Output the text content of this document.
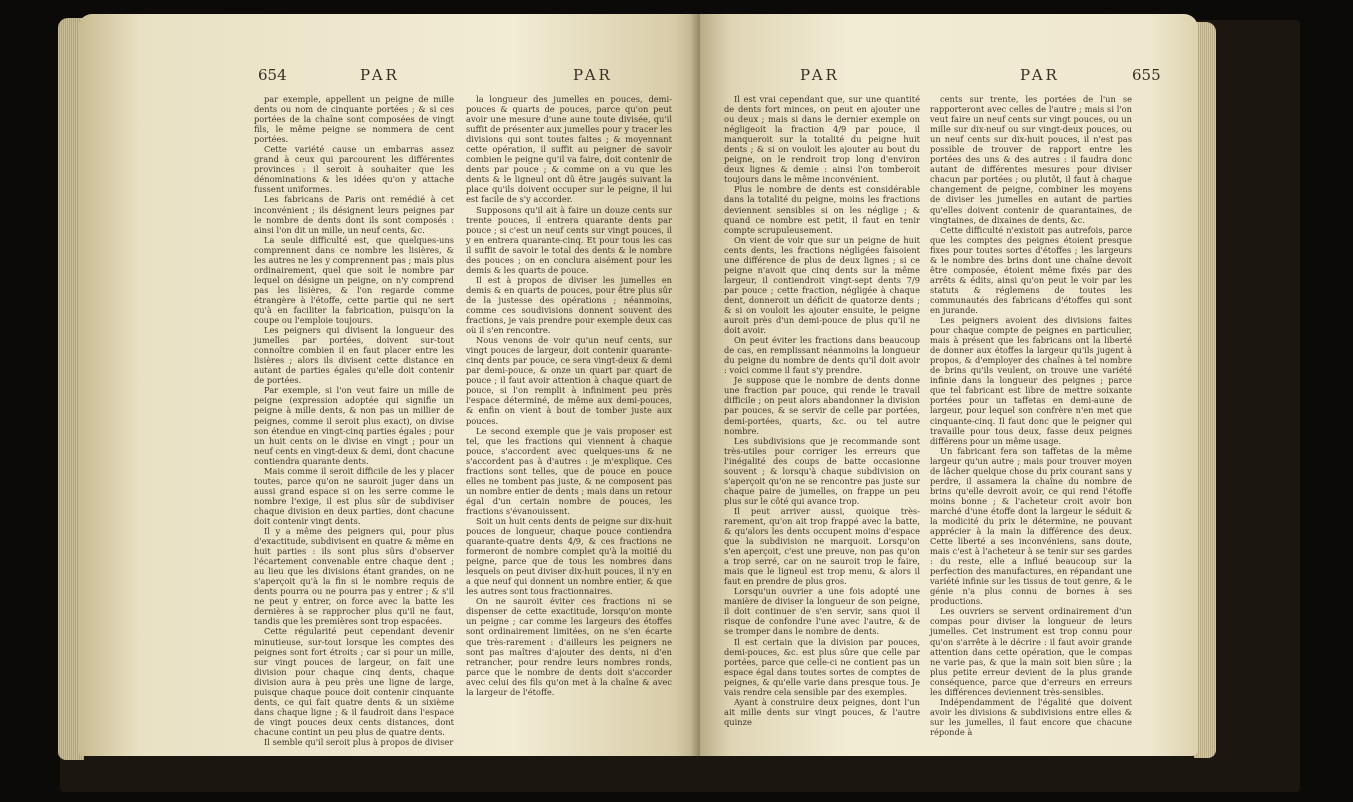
654	PAR	PAR

par exemple, appellent un peigne de mille dents ou nom de cinquante portées ; & si ces portées de la chaîne sont composées de vingt fils, le même peigne se nommera de cent portées.

Cette variété cause un embarras assez grand à ceux qui parcourent les différentes provinces : il seroit à souhaiter que les dénominations & les idées qu'on y attache fussent uniformes.

Les fabricans de Paris ont remédié à cet inconvénient ; ils désignent leurs peignes par le nombre de dents dont ils sont composés : ainsi l'on dit un mille, un neuf cents, &c.

La seule difficulté est, que quelques-uns comprennent dans ce nombre les lisières, & les autres ne les y comprennent pas ; mais plus ordinairement, quel que soit le nombre par lequel on désigne un peigne, on n'y comprend pas les lisières, & l'on regarde comme étrangère à l'étoffe, cette partie qui ne sert qu'à en faciliter la fabrication, puisqu'on la coupe ou l'emploie toujours.

Les peigners qui divisent la longueur des jumelles par portées, doivent sur-tout connoître combien il en faut placer entre les lisières ; alors ils divisent cette distance en autant de parties égales qu'elle doit contenir de portées.

Par exemple, si l'on veut faire un mille de peigne (expression adoptée qui signifie un peigne à mille dents, & non pas un millier de peignes, comme il seroit plus exact), on divise son étendue en vingt-cinq parties égales ; pour un huit cents on le divise en vingt ; pour un neuf cents en vingt-deux & demi, dont chacune contiendra quarante dents.

Mais comme il seroit difficile de les y placer toutes, parce qu'on ne sauroit juger dans un aussi grand espace si on les serre comme le nombre l'exige, il est plus sûr de subdiviser chaque division en deux parties, dont chacune doit contenir vingt dents.

Il y a même des peigners qui, pour plus d'exactitude, subdivisent en quatre & même en huit parties : ils sont plus sûrs d'observer l'écartement convenable entre chaque dent ; au lieu que les divisions étant grandes, on ne s'aperçoit qu'à la fin si le nombre requis de dents pourra ou ne pourra pas y entrer ; & s'il ne peut y entrer, on force avec la batte les dernières à se rapprocher plus qu'il ne faut, tandis que les premières sont trop espacées.

Cette régularité peut cependant devenir minutieuse, sur-tout lorsque les comptes des peignes sont fort étroits ; car si pour un mille, sur vingt pouces de largeur, on fait une division pour chaque cinq dents, chaque division aura à peu près une ligne de large, puisque chaque pouce doit contenir cinquante dents, ce qui fait quatre dents & un sixième dans chaque ligne ; & il faudroit dans l'espace de vingt pouces deux cents distances, dont chacune contint un peu plus de quatre dents.

Il semble qu'il seroit plus à propos de diviser

la longueur des jumelles en pouces, demi-pouces & quarts de pouces, parce qu'on peut avoir une mesure d'une aune toute divisée, qu'il suffit de présenter aux jumelles pour y tracer les divisions qui sont toutes faites ; & moyennant cette opération, il suffit au peigner de savoir combien le peigne qu'il va faire, doit contenir de dents par pouce ; & comme on a vu que les dents & le ligneul ont dû être jaugés suivant la place qu'ils doivent occuper sur le peigne, il lui est facile de s'y accorder.

Supposons qu'il ait à faire un douze cents sur trente pouces, il entrera quarante dents par pouce ; si c'est un neuf cents sur vingt pouces, il y en entrera quarante-cinq. Et pour tous les cas il suffit de savoir le total des dents & le nombre des pouces ; on en conclura aisément pour les demis & les quarts de pouce.

Il est à propos de diviser les jumelles en demis & en quarts de pouces, pour être plus sûr de la justesse des opérations ; néanmoins, comme ces soudivisions donnent souvent des fractions, je vais prendre pour exemple deux cas où il s'en rencontre.

Nous venons de voir qu'un neuf cents, sur vingt pouces de largeur, doit contenir quarante-cinq dents par pouce, ce sera vingt-deux & demi par demi-pouce, & onze un quart par quart de pouce ; il faut avoir attention à chaque quart de pouce, si l'on remplit à infiniment peu près l'espace déterminé, de même aux demi-pouces, & enfin on vient à bout de tomber juste aux pouces.

Le second exemple que je vais proposer est tel, que les fractions qui viennent à chaque pouce, s'accordent avec quelques-uns & ne s'accordent pas à d'autres : je m'explique. Ces fractions sont telles, que de pouce en pouce elles ne tombent pas juste, & ne composent pas un nombre entier de dents ; mais dans un retour égal d'un certain nombre de pouces, les fractions s'évanouissent.

Soit un huit cents dents de peigne sur dix-huit pouces de longueur, chaque pouce contiendra quarante-quatre dents 4/9, & ces fractions ne formeront de nombre complet qu'à la moitié du peigne, parce que de tous les nombres dans lesquels on peut diviser dix-huit pouces, il n'y en a que neuf qui donnent un nombre entier, & que les autres sont tous fractionnaires.

On ne sauroit éviter ces fractions ni se dispenser de cette exactitude, lorsqu'on monte un peigne ; car comme les largeurs des étoffes sont ordinairement limitées, on ne s'en écarte que très-rarement : d'ailleurs les peigners ne sont pas maîtres d'ajouter des dents, ni d'en retrancher, pour rendre leurs nombres ronds, parce que le nombre de dents doit s'accorder avec celui des fils qu'on met à la chaîne & avec la largeur de l'étoffe.

PAR	PAR	655

Il est vrai cependant que, sur une quantité de dents fort minces, on peut en ajouter une ou deux ; mais si dans le dernier exemple on négligeoit la fraction 4/9 par pouce, il manqueroit sur la totalité du peigne huit dents ; & si on vouloit les ajouter au bout du peigne, on le rendroit trop long d'environ deux lignes & demie : ainsi l'on tomberoit toujours dans le même inconvénient.

Plus le nombre de dents est considérable dans la totalité du peigne, moins les fractions deviennent sensibles si on les néglige ; & quand ce nombre est petit, il faut en tenir compte scrupuleusement.

On vient de voir que sur un peigne de huit cents dents, les fractions négligées faisoient une différence de plus de deux lignes ; si ce peigne n'avoit que cinq dents sur la même largeur, il contiendroit vingt-sept dents 7/9 par pouce ; cette fraction, négligée à chaque dent, donneroit un déficit de quatorze dents ; & si on vouloit les ajouter ensuite, le peigne auroit près d'un demi-pouce de plus qu'il ne doit avoir.

On peut éviter les fractions dans beaucoup de cas, en remplissant néanmoins la longueur du peigne du nombre de dents qu'il doit avoir : voici comme il faut s'y prendre.

Je suppose que le nombre de dents donne une fraction par pouce, qui rende le travail difficile ; on peut alors abandonner la division par pouces, & se servir de celle par portées, demi-portées, quarts, &c. ou tel autre nombre.

Les subdivisions que je recommande sont très-utiles pour corriger les erreurs que l'inégalité des coups de batte occasionne souvent ; & lorsqu'à chaque subdivision on s'aperçoit qu'on ne se rencontre pas juste sur chaque paire de jumelles, on frappe un peu plus sur le côté qui avance trop.

Il peut arriver aussi, quoique très-rarement, qu'on ait trop frappé avec la batte, & qu'alors les dents occupent moins d'espace que la subdivision ne marquoit. Lorsqu'on s'en aperçoit, c'est une preuve, non pas qu'on a trop serré, car on ne sauroit trop le faire, mais que le ligneul est trop menu, & alors il faut en prendre de plus gros.

Lorsqu'un ouvrier a une fois adopté une manière de diviser la longueur de son peigne, il doit continuer de s'en servir, sans quoi il risque de confondre l'une avec l'autre, & de se tromper dans le nombre de dents.

Il est certain que la division par pouces, demi-pouces, &c. est plus sûre que celle par portées, parce que celle-ci ne contient pas un espace égal dans toutes sortes de comptes de peignes, & qu'elle varie dans presque tous. Je vais rendre cela sensible par des exemples.

Ayant à construire deux peignes, dont l'un ait mille dents sur vingt pouces, & l'autre quinze

cents sur trente, les portées de l'un se rapporteront avec celles de l'autre ; mais si l'on veut faire un neuf cents sur vingt pouces, ou un mille sur dix-neuf ou sur vingt-deux pouces, ou un neuf cents sur dix-huit pouces, il n'est pas possible de trouver de rapport entre les portées des uns & des autres : il faudra donc autant de différentes mesures pour diviser chacun par portées ; ou plutôt, il faut à chaque changement de peigne, combiner les moyens de diviser les jumelles en autant de parties qu'elles doivent contenir de quarantaines, de vingtaines, de dixaines de dents, &c.

Cette difficulté n'existoit pas autrefois, parce que les comptes des peignes étoient presque fixes pour toutes sortes d'étoffes ; les largeurs & le nombre des brins dont une chaîne devoit être composée, étoient même fixés par des arrêts & édits, ainsi qu'on peut le voir par les statuts & réglemens de toutes les communautés des fabricans d'étoffes qui sont en jurande.

Les peigners avoient des divisions faites pour chaque compte de peignes en particulier, mais à présent que les fabricans ont la liberté de donner aux étoffes la largeur qu'ils jugent à propos, & d'employer des chaînes à tel nombre de brins qu'ils veulent, on trouve une variété infinie dans la longueur des peignes ; parce que tel fabricant est libre de mettre soixante portées pour un taffetas en demi-aune de largeur, pour lequel son confrère n'en met que cinquante-cinq. Il faut donc que le peigner qui travaille pour tous deux, fasse deux peignes différens pour un même usage.

Un fabricant fera son taffetas de la même largeur qu'un autre ; mais pour trouver moyen de lâcher quelque chose du prix courant sans y perdre, il assamera la chaîne du nombre de brins qu'elle devroit avoir, ce qui rend l'étoffe moins bonne ; & l'acheteur croit avoir bon marché d'une étoffe dont la largeur le séduit & la modicité du prix le détermine, ne pouvant apprécier à la main la différence des deux. Cette liberté a ses inconvéniens, sans doute, mais c'est à l'acheteur à se tenir sur ses gardes : du reste, elle a influé beaucoup sur la perfection des manufactures, en répandant une variété infinie sur les tissus de tout genre, & le génie n'a plus connu de bornes à ses productions.

Les ouvriers se servent ordinairement d'un compas pour diviser la longueur de leurs jumelles. Cet instrument est trop connu pour qu'on s'arrête à le décrire : il faut avoir grande attention dans cette opération, que le compas ne varie pas, & que la main soit bien sûre ; la plus petite erreur devient de la plus grande conséquence, parce que d'erreurs en erreurs les différences deviennent très-sensibles.

Indépendamment de l'égalité que doivent avoir les divisions & subdivisions entre elles & sur les jumelles, il faut encore que chacune réponde à
